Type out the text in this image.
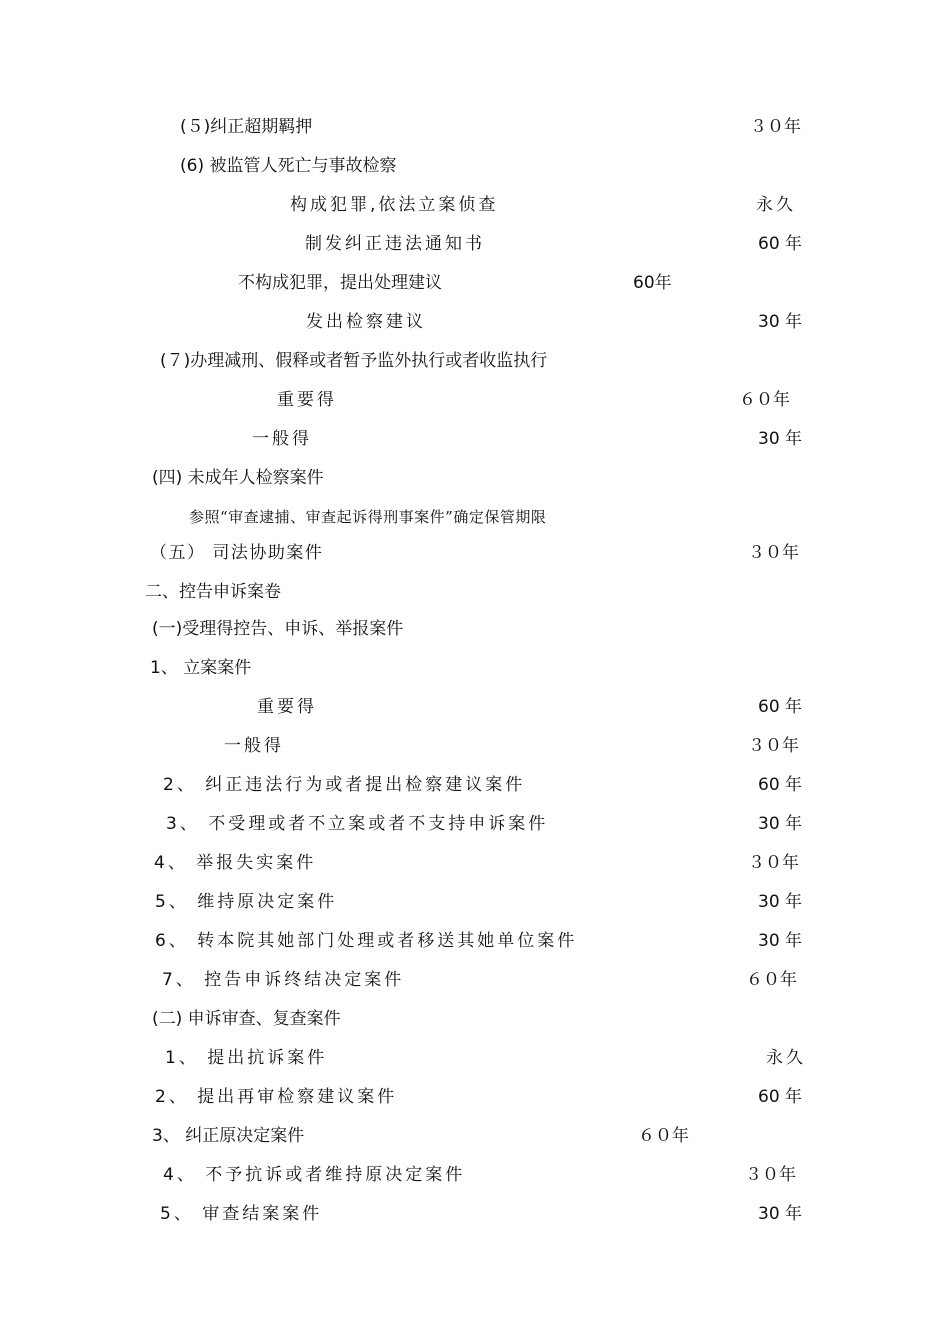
(５)纠正超期羁押	３０年
(6) 被监管人死亡与事故检察
构成犯罪,依法立案侦查	永久
制发纠正违法通知书	60 年
不构成犯罪，提出处理建议	60年
发出检察建议	30 年
(７)办理减刑、假释或者暂予监外执行或者收监执行
重要得	６０年
一般得	30 年
(四) 未成年人检察案件
参照“审查逮捕、审查起诉得刑事案件”确定保管期限
（五） 司法协助案件	３０年
二、控告申诉案卷
(一)受理得控告、申诉、举报案件
1、 立案案件
重要得	60 年
一般得	３０年
2、 纠正违法行为或者提出检察建议案件	60 年
3、 不受理或者不立案或者不支持申诉案件	30 年
4、 举报失实案件	３０年
5、 维持原决定案件	30 年
6、 转本院其她部门处理或者移送其她单位案件	30 年
7、 控告申诉终结决定案件	６０年
(二) 申诉审查、复查案件
1、 提出抗诉案件	永久
2、 提出再审检察建议案件	60 年
3、 纠正原决定案件	６０年
4、 不予抗诉或者维持原决定案件	３０年
5、 审查结案案件	30 年
